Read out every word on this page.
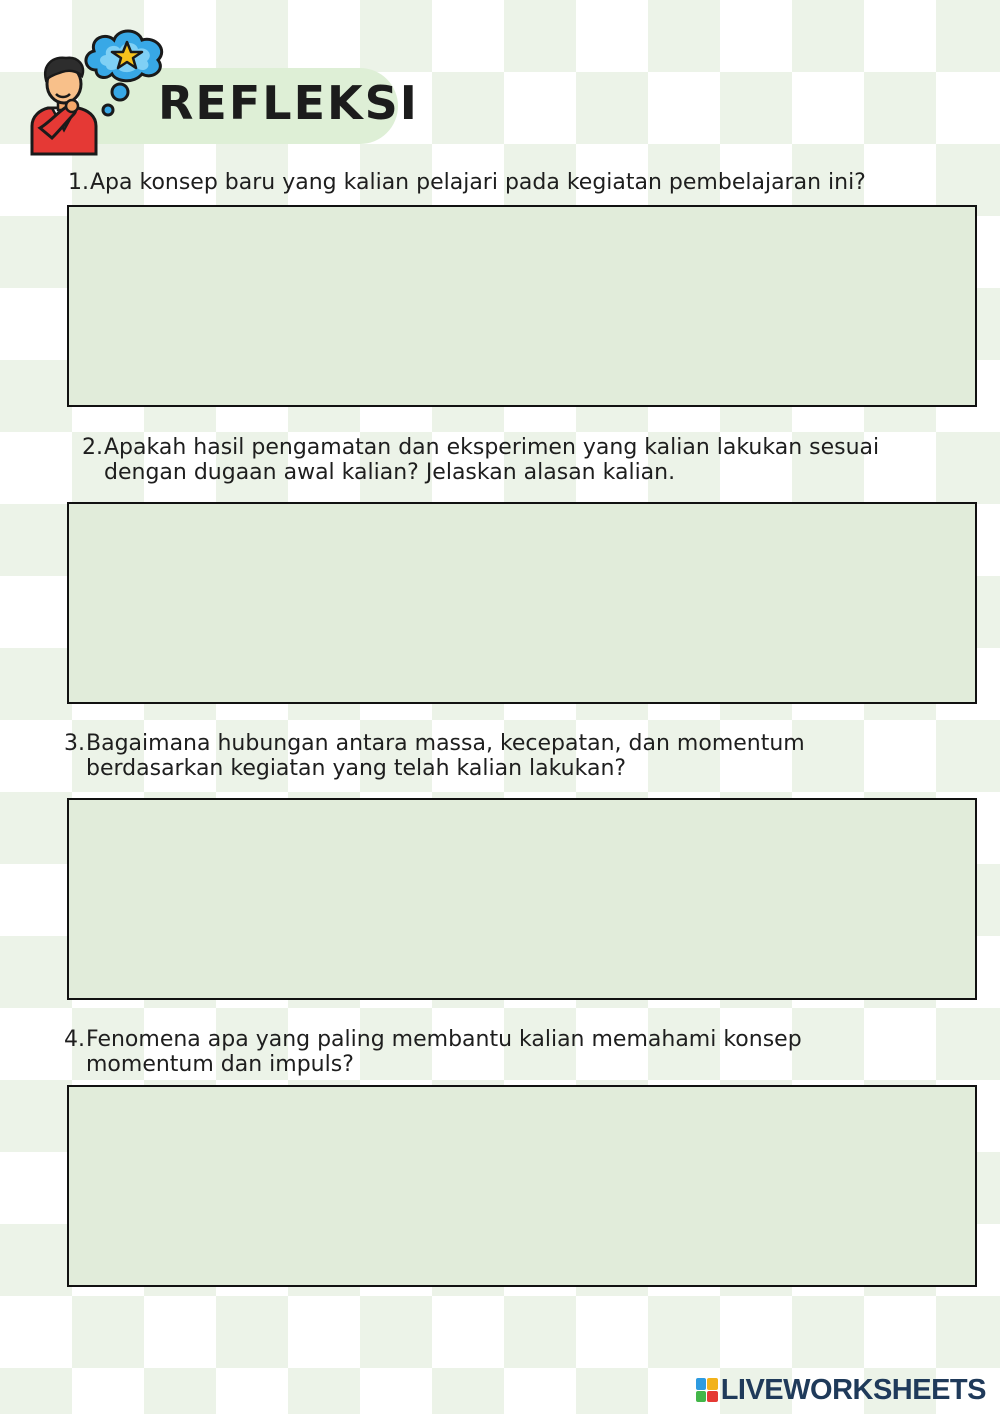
REFLEKSI

1. Apa konsep baru yang kalian pelajari pada kegiatan pembelajaran ini?

2. Apakah hasil pengamatan dan eksperimen yang kalian lakukan sesuai dengan dugaan awal kalian? Jelaskan alasan kalian.

3. Bagaimana hubungan antara massa, kecepatan, dan momentum berdasarkan kegiatan yang telah kalian lakukan?

4. Fenomena apa yang paling membantu kalian memahami konsep momentum dan impuls?

LIVEWORKSHEETS
